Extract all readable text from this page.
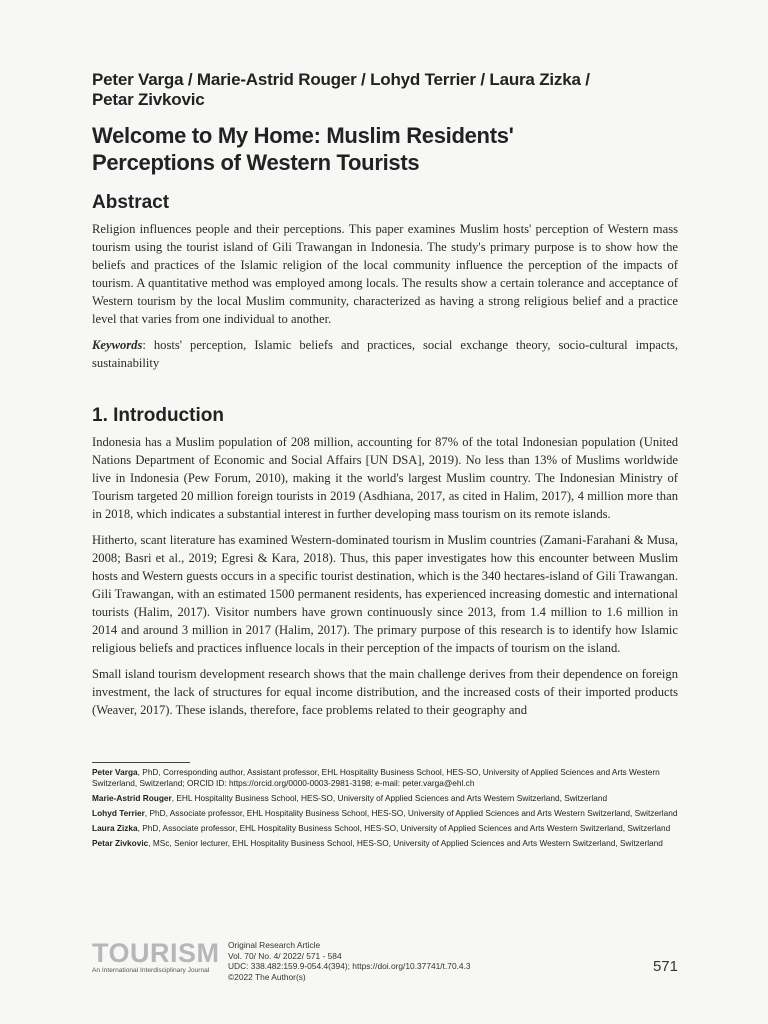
Peter Varga / Marie-Astrid Rouger / Lohyd Terrier / Laura Zizka /
Petar Zivkovic
Welcome to My Home: Muslim Residents'
Perceptions of Western Tourists
Abstract

Religion influences people and their perceptions. This paper examines Muslim hosts' perception of Western mass tourism using the tourist island of Gili Trawangan in Indonesia. The study's primary purpose is to show how the beliefs and practices of the Islamic religion of the local community influence the perception of the impacts of tourism. A quantitative method was employed among locals. The results show a certain tolerance and acceptance of Western tourism by the local Muslim community, characterized as having a strong religious belief and a practice level that varies from one individual to another.

Keywords: hosts' perception, Islamic beliefs and practices, social exchange theory, socio-cultural impacts, sustainability

1. Introduction

Indonesia has a Muslim population of 208 million, accounting for 87% of the total Indonesian population (United Nations Department of Economic and Social Affairs [UN DSA], 2019). No less than 13% of Muslims worldwide live in Indonesia (Pew Forum, 2010), making it the world's largest Muslim country. The Indonesian Ministry of Tourism targeted 20 million foreign tourists in 2019 (Asdhiana, 2017, as cited in Halim, 2017), 4 million more than in 2018, which indicates a substantial interest in further developing mass tourism on its remote islands.

Hitherto, scant literature has examined Western-dominated tourism in Muslim countries (Zamani-Farahani & Musa, 2008; Basri et al., 2019; Egresi & Kara, 2018). Thus, this paper investigates how this encounter between Muslim hosts and Western guests occurs in a specific tourist destination, which is the 340 hectares-island of Gili Trawangan. Gili Trawangan, with an estimated 1500 permanent residents, has experienced increasing domestic and international tourists (Halim, 2017). Visitor numbers have grown continuously since 2013, from 1.4 million to 1.6 million in 2014 and around 3 million in 2017 (Halim, 2017). The primary purpose of this research is to identify how Islamic religious beliefs and practices influence locals in their perception of the impacts of tourism on the island.

Small island tourism development research shows that the main challenge derives from their dependence on foreign investment, the lack of structures for equal income distribution, and the increased costs of their imported products (Weaver, 2017). These islands, therefore, face problems related to their geography and

Peter Varga, PhD, Corresponding author, Assistant professor, EHL Hospitality Business School, HES-SO, University of Applied Sciences and Arts Western Switzerland, Switzerland; ORCID ID: https://orcid.org/0000-0003-2981-3198; e-mail: peter.varga@ehl.ch
Marie-Astrid Rouger, EHL Hospitality Business School, HES-SO, University of Applied Sciences and Arts Western Switzerland, Switzerland
Lohyd Terrier, PhD, Associate professor, EHL Hospitality Business School, HES-SO, University of Applied Sciences and Arts Western Switzerland, Switzerland
Laura Zizka, PhD, Associate professor, EHL Hospitality Business School, HES-SO, University of Applied Sciences and Arts Western Switzerland, Switzerland
Petar Zivkovic, MSc, Senior lecturer, EHL Hospitality Business School, HES-SO, University of Applied Sciences and Arts Western Switzerland, Switzerland
TOURISM
An International Interdisciplinary Journal
Original Research Article
Vol. 70/ No. 4/ 2022/ 571 - 584
UDC: 338.482:159.9-054.4(394); https://doi.org/10.37741/t.70.4.3
©2022 The Author(s)
571
